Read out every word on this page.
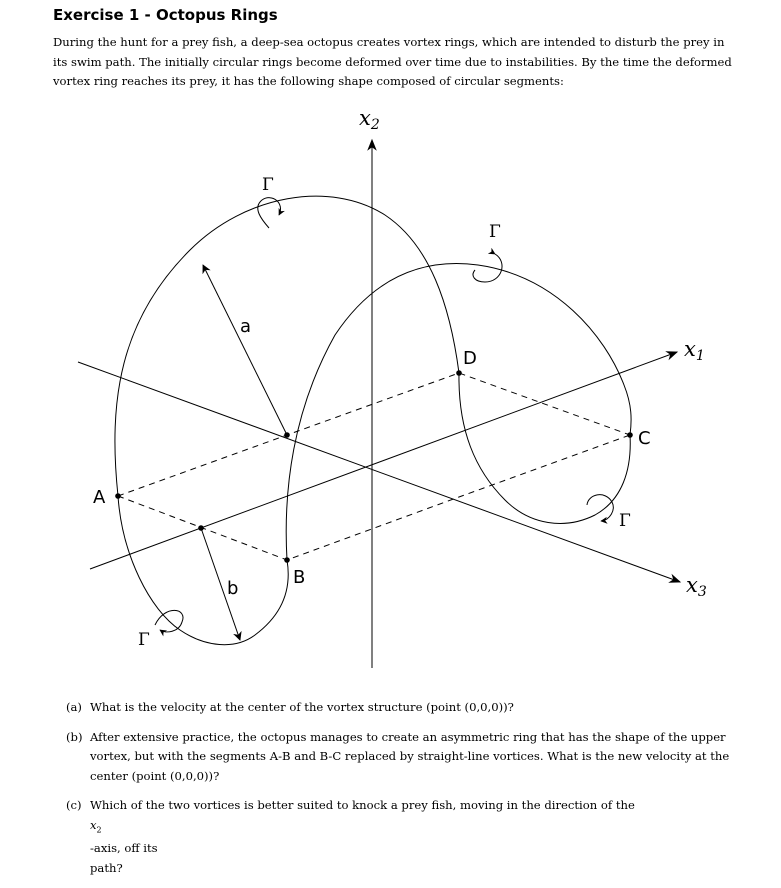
Exercise 1 - Octopus Rings
During the hunt for a prey fish, a deep-sea octopus creates vortex rings, which are intended to disturb the prey in
its swim path. The initially circular rings become deformed over time due to instabilities. By the time the deformed
vortex ring reaches its prey, it has the following shape composed of circular segments:
x2
x1
x3
A
B
C
D
a
b
Γ
Γ
Γ
Γ
(a) What is the velocity at the center of the vortex structure (point (0,0,0))?
(b) After extensive practice, the octopus manages to create an asymmetric ring that has the shape of the upper
vortex, but with the segments A-B and B-C replaced by straight-line vortices. What is the new velocity at the
center (point (0,0,0))?
(c) Which of the two vortices is better suited to knock a prey fish, moving in the direction of the
$x_2$
-axis, off its
path?
